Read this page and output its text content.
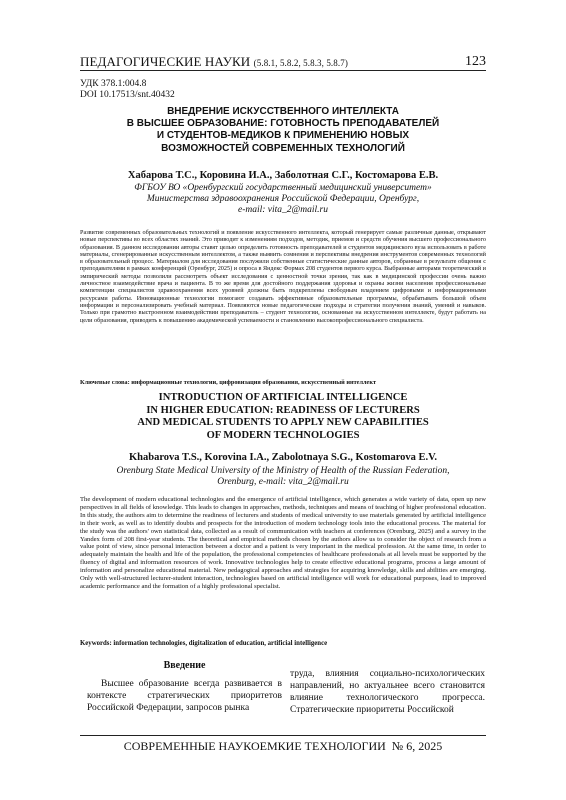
ПЕДАГОГИЧЕСКИЕ НАУКИ (5.8.1, 5.8.2, 5.8.3, 5.8.7)	123
УДК 378.1:004.8
DOI 10.17513/snt.40432
ВНЕДРЕНИЕ ИСКУССТВЕННОГО ИНТЕЛЛЕКТА
В ВЫСШЕЕ ОБРАЗОВАНИЕ: ГОТОВНОСТЬ ПРЕПОДАВАТЕЛЕЙ
И СТУДЕНТОВ-МЕДИКОВ К ПРИМЕНЕНИЮ НОВЫХ
ВОЗМОЖНОСТЕЙ СОВРЕМЕННЫХ ТЕХНОЛОГИЙ
Хабарова Т.С., Коровина И.А., Заболотная С.Г., Костомарова Е.В.
ФГБОУ ВО «Оренбургский государственный медицинский университет»
Министерства здравоохранения Российской Федерации, Оренбург,
e-mail: vita_2@mail.ru
Развитие современных образовательных технологий и появление искусственного интеллекта, который генерирует самые различные данные, открывают новые перспективы во всех областях знаний. Это приводит к изменениям подходов, методик, приемов и средств обучения высшего профессионального образования. В данном исследовании авторы ставят целью определить готовность преподавателей и студентов медицинского вуза использовать в работе материалы, сгенерированные искусственным интеллектом, а также выявить сомнения и перспективы внедрения инструментов современных технологий в образовательный процесс. Материалом для исследования послужили собственные статистические данные авторов, собранные в результате общения с преподавателями в рамках конференций (Оренбург, 2025) и опроса в Яндекс Формах 208 студентов первого курса. Выбранные авторами теоретический и эмпирический методы позволили рассмотреть объект исследования с ценностной точки зрения, так как в медицинской профессии очень важно личностное взаимодействие врача и пациента. В то же время для достойного поддержания здоровья и охраны жизни населения профессиональные компетенции специалистов здравоохранения всех уровней должны быть подкреплены свободным владением цифровыми и информационными ресурсами работы. Инновационные технологии помогают создавать эффективные образовательные программы, обрабатывать большой объем информации и персонализировать учебный материал. Появляются новые педагогические подходы и стратегии получения знаний, умений и навыков. Только при грамотно выстроенном взаимодействии преподаватель – студент технологии, основанные на искусственном интеллекте, будут работать на цели образования, приводить к повышению академической успеваемости и становлению высокопрофессионального специалиста.
Ключевые слова: информационные технологии, цифровизация образования, искусственный интеллект
INTRODUCTION OF ARTIFICIAL INTELLIGENCE
IN HIGHER EDUCATION: READINESS OF LECTURERS
AND MEDICAL STUDENTS TO APPLY NEW CAPABILITIES
OF MODERN TECHNOLOGIES
Khabarova T.S., Korovina I.A., Zabolotnaya S.G., Kostomarova E.V.
Orenburg State Medical University of the Ministry of Health of the Russian Federation,
Orenburg, e-mail: vita_2@mail.ru
The development of modern educational technologies and the emergence of artificial intelligence, which generates a wide variety of data, open up new perspectives in all fields of knowledge. This leads to changes in approaches, methods, techniques and means of teaching of higher professional education. In this study, the authors aim to determine the readiness of lecturers and students of medical university to use materials generated by artificial intelligence in their work, as well as to identify doubts and prospects for the introduction of modern technology tools into the educational process. The material for the study was the authors' own statistical data, collected as a result of communication with teachers at conferences (Orenburg, 2025) and a survey in the Yandex form of 208 first-year students. The theoretical and empirical methods chosen by the authors allow us to consider the object of research from a value point of view, since personal interaction between a doctor and a patient is very important in the medical profession. At the same time, in order to adequately maintain the health and life of the population, the professional competencies of healthcare professionals at all levels must be supported by the fluency of digital and information resources of work. Innovative technologies help to create effective educational programs, process a large amount of information and personalize educational material. New pedagogical approaches and strategies for acquiring knowledge, skills and abilities are emerging. Only with well-structured lecturer-student interaction, technologies based on artificial intelligence will work for educational purposes, lead to improved academic performance and the formation of a highly professional specialist.
Keywords: information technologies, digitalization of education, artificial intelligence
Введение
Высшее образование всегда развивается в контексте стратегических приоритетов Российской Федерации, запросов рынка
труда, влияния социально-психологических направлений, но актуальнее всего становится влияние технологического прогресса. Стратегические приоритеты Российской
СОВРЕМЕННЫЕ НАУКОЕМКИЕ ТЕХНОЛОГИИ  № 6, 2025
